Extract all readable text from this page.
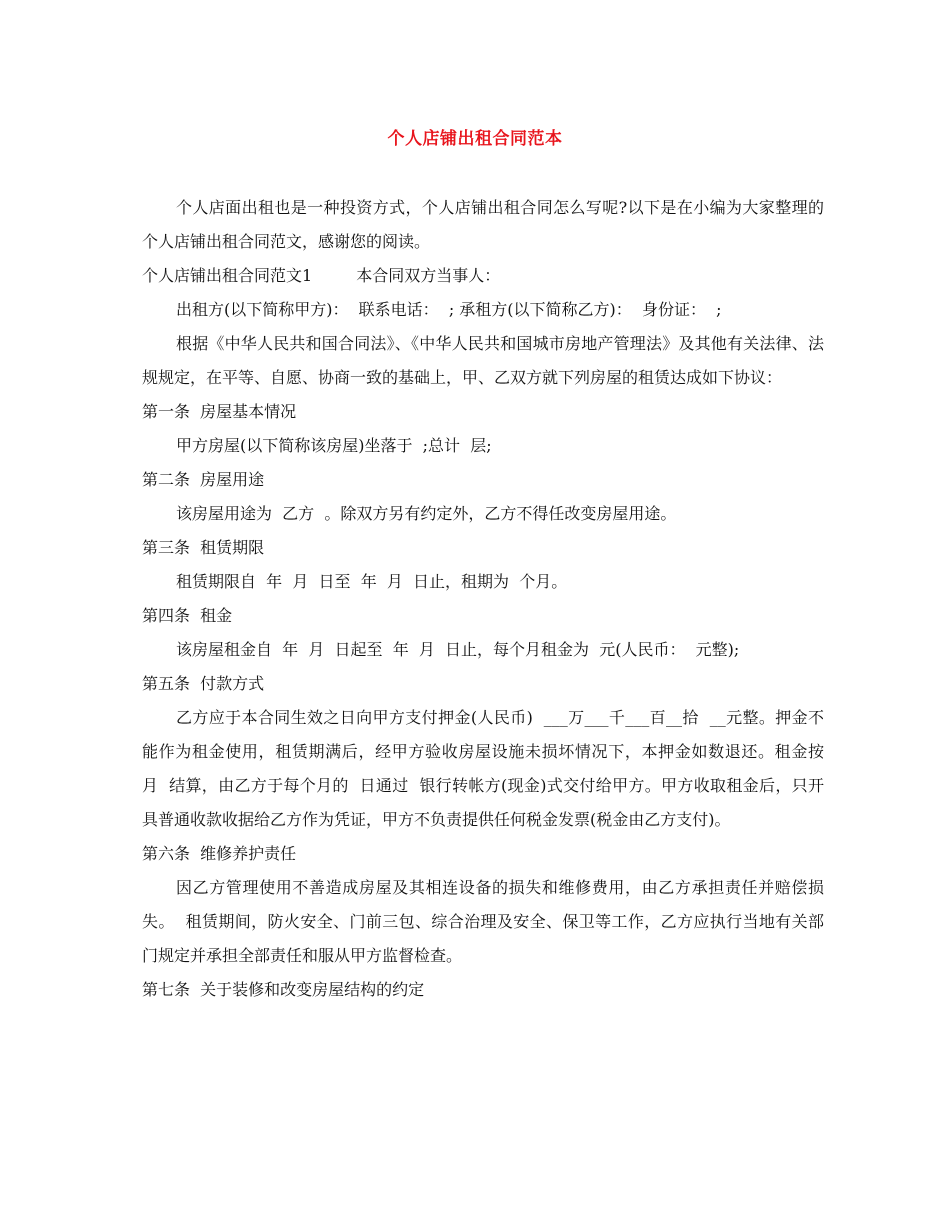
个人店铺出租合同范本

个人店面出租也是一种投资方式，个人店铺出租合同怎么写呢?以下是在小编为大家整理的个人店铺出租合同范文，感谢您的阅读。

个人店铺出租合同范文1	本合同双方当事人：

出租方(以下简称甲方)：  联系电话：  ; 承租方(以下简称乙方)：  身份证：  ;

根据《中华人民共和国合同法》、《中华人民共和国城市房地产管理法》及其他有关法律、法规规定，在平等、自愿、协商一致的基础上，甲、乙双方就下列房屋的租赁达成如下协议：

第一条  房屋基本情况

甲方房屋(以下简称该房屋)坐落于  ;总计  层;

第二条  房屋用途

该房屋用途为  乙方  。除双方另有约定外，乙方不得任改变房屋用途。

第三条  租赁期限

租赁期限自  年  月  日至  年  月  日止，租期为  个月。

第四条  租金

该房屋租金自  年  月  日起至  年  月  日止，每个月租金为  元(人民币：  元整);

第五条  付款方式

乙方应于本合同生效之日向甲方支付押金(人民币)  ___万___千___百__拾  __元整。押金不能作为租金使用，租赁期满后，经甲方验收房屋设施未损坏情况下，本押金如数退还。租金按  月  结算，由乙方于每个月的  日通过  银行转帐方(现金)式交付给甲方。甲方收取租金后，只开具普通收款收据给乙方作为凭证，甲方不负责提供任何税金发票(税金由乙方支付)。

第六条  维修养护责任

因乙方管理使用不善造成房屋及其相连设备的损失和维修费用，由乙方承担责任并赔偿损失。  租赁期间，防火安全、门前三包、综合治理及安全、保卫等工作，乙方应执行当地有关部门规定并承担全部责任和服从甲方监督检查。

第七条  关于装修和改变房屋结构的约定
